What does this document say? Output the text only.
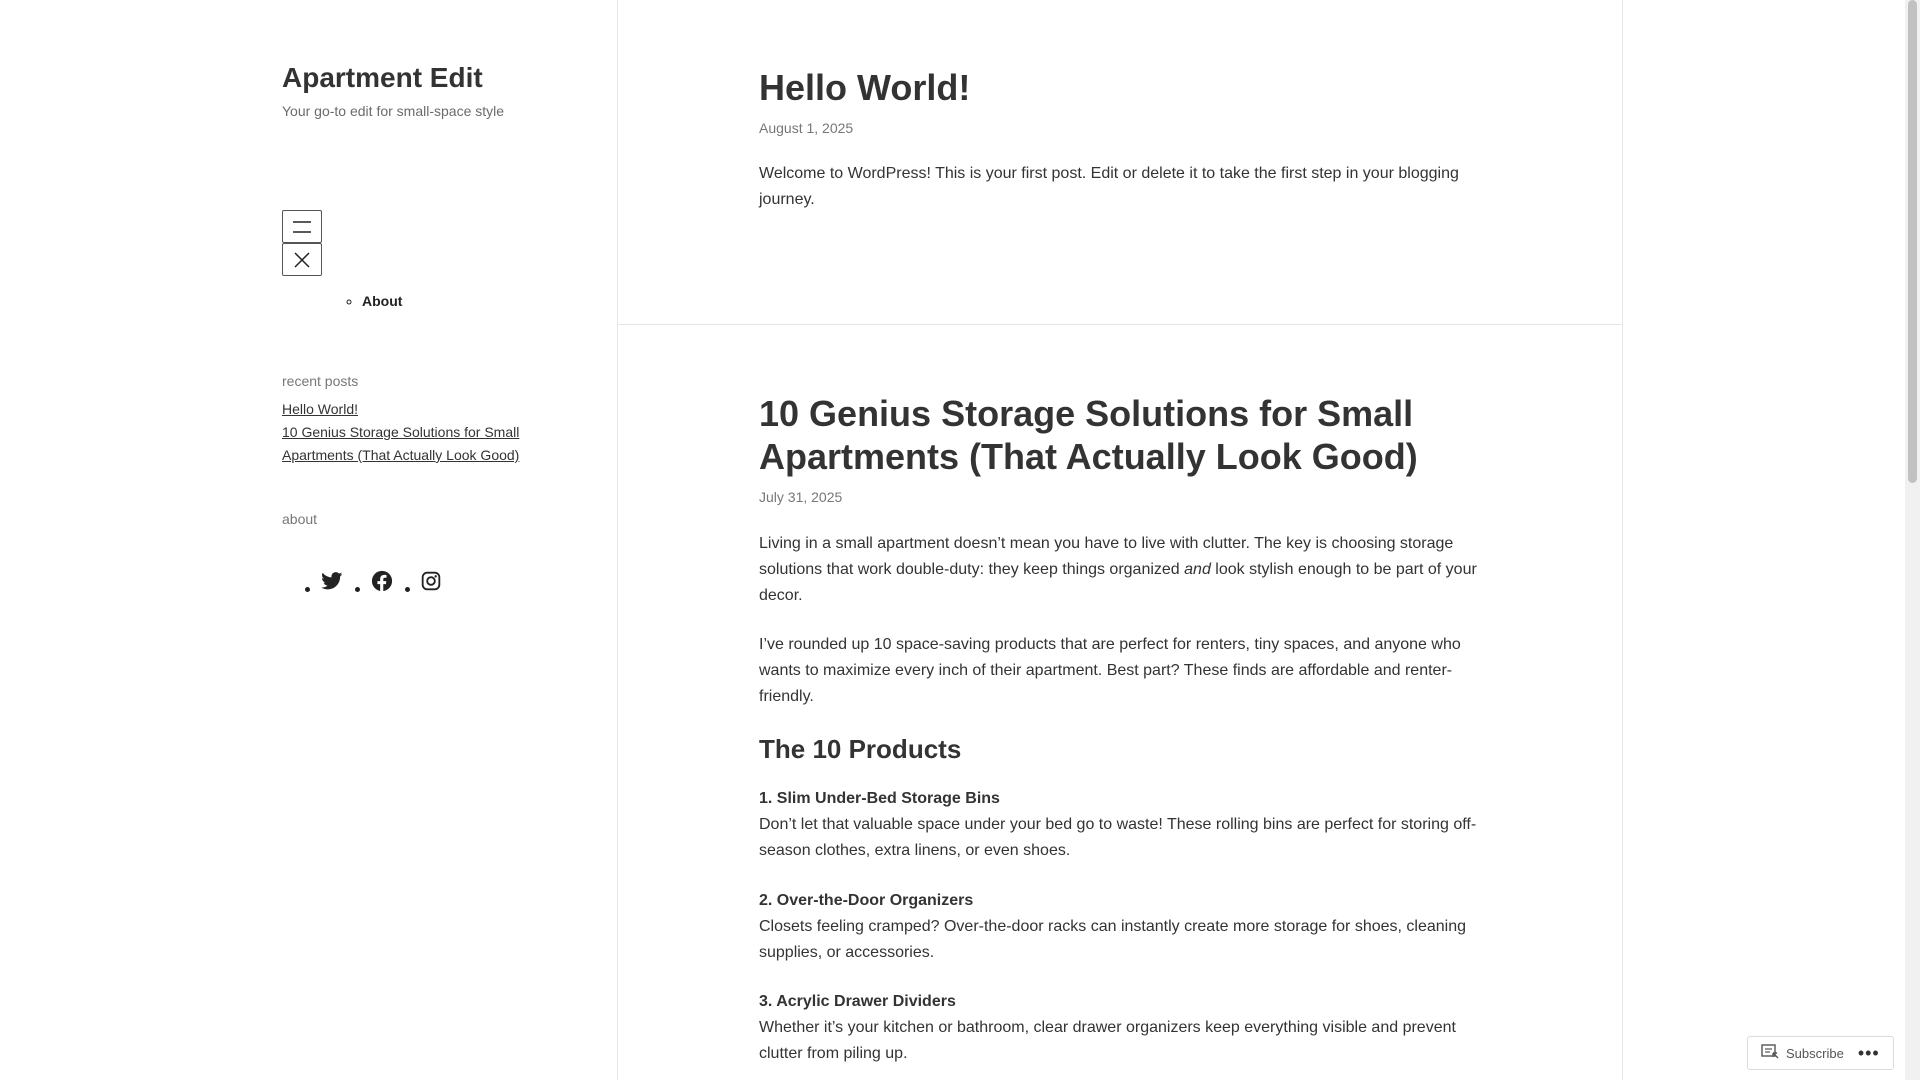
Apartment Edit

Your go-to edit for small-space style

◦ About
recent posts
Hello World!
10 Genius Storage Solutions for Small Apartments (That Actually Look Good)
about
Hello World!

August 1, 2025

Welcome to WordPress! This is your first post. Edit or delete it to take the first step in your blogging journey.

10 Genius Storage Solutions for Small Apartments (That Actually Look Good)

July 31, 2025

Living in a small apartment doesn’t mean you have to live with clutter. The key is choosing storage solutions that work double-duty: they keep things organized and look stylish enough to be part of your decor.

I’ve rounded up 10 space-saving products that are perfect for renters, tiny spaces, and anyone who wants to maximize every inch of their apartment. Best part? These finds are affordable and renter-friendly.

The 10 Products

1. Slim Under-Bed Storage Bins
Don’t let that valuable space under your bed go to waste! These rolling bins are perfect for storing off-season clothes, extra linens, or even shoes.

2. Over-the-Door Organizers
Closets feeling cramped? Over-the-door racks can instantly create more storage for shoes, cleaning supplies, or accessories.

3. Acrylic Drawer Dividers
Whether it’s your kitchen or bathroom, clear drawer organizers keep everything visible and prevent clutter from piling up.	Subscribe •••
